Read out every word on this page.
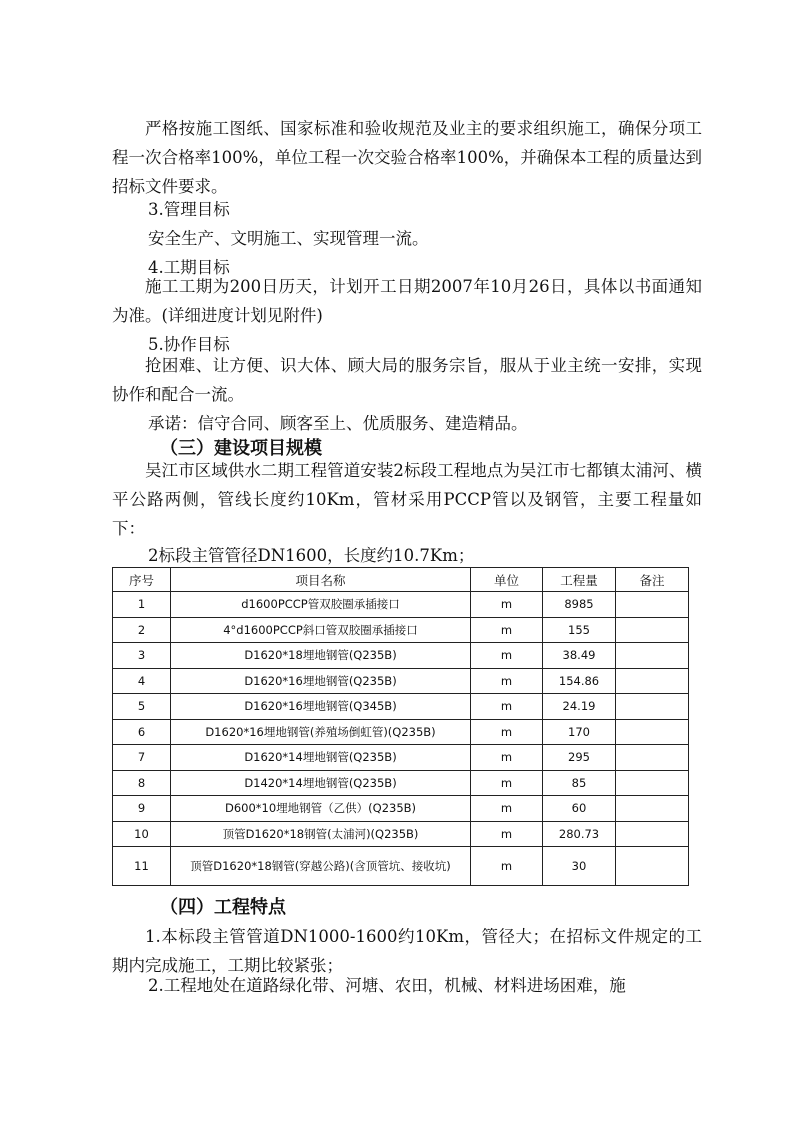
严格按施工图纸、国家标准和验收规范及业主的要求组织施工，确保分项工程一次合格率100%，单位工程一次交验合格率100%，并确保本工程的质量达到招标文件要求。
3.管理目标
安全生产、文明施工、实现管理一流。
4.工期目标
施工工期为200日历天，计划开工日期2007年10月26日，具体以书面通知为准。(详细进度计划见附件)
5.协作目标
抢困难、让方便、识大体、顾大局的服务宗旨，服从于业主统一安排，实现协作和配合一流。
承诺：信守合同、顾客至上、优质服务、建造精品。
（三）建设项目规模
吴江市区域供水二期工程管道安装2标段工程地点为吴江市七都镇太浦河、横平公路两侧，管线长度约10Km，管材采用PCCP管以及钢管，主要工程量如下：
2标段主管管径DN1600，长度约10.7Km；
序号	项目名称	单位	工程量	备注
1	d1600PCCP管双胶圈承插接口	m	8985	
2	4°d1600PCCP斜口管双胶圈承插接口	m	155	
3	D1620*18埋地钢管(Q235B)	m	38.49	
4	D1620*16埋地钢管(Q235B)	m	154.86	
5	D1620*16埋地钢管(Q345B)	m	24.19	
6	D1620*16埋地钢管(养殖场倒虹管)(Q235B)	m	170	
7	D1620*14埋地钢管(Q235B)	m	295	
8	D1420*14埋地钢管(Q235B)	m	85	
9	D600*10埋地钢管（乙供）(Q235B)	m	60	
10	顶管D1620*18钢管(太浦河)(Q235B)	m	280.73	
11	顶管D1620*18钢管(穿越公路)(含顶管坑、接收坑)	m	30	
（四）工程特点
1.本标段主管管道DN1000-1600约10Km，管径大；在招标文件规定的工期内完成施工，工期比较紧张；
2.工程地处在道路绿化带、河塘、农田，机械、材料进场困难，施
